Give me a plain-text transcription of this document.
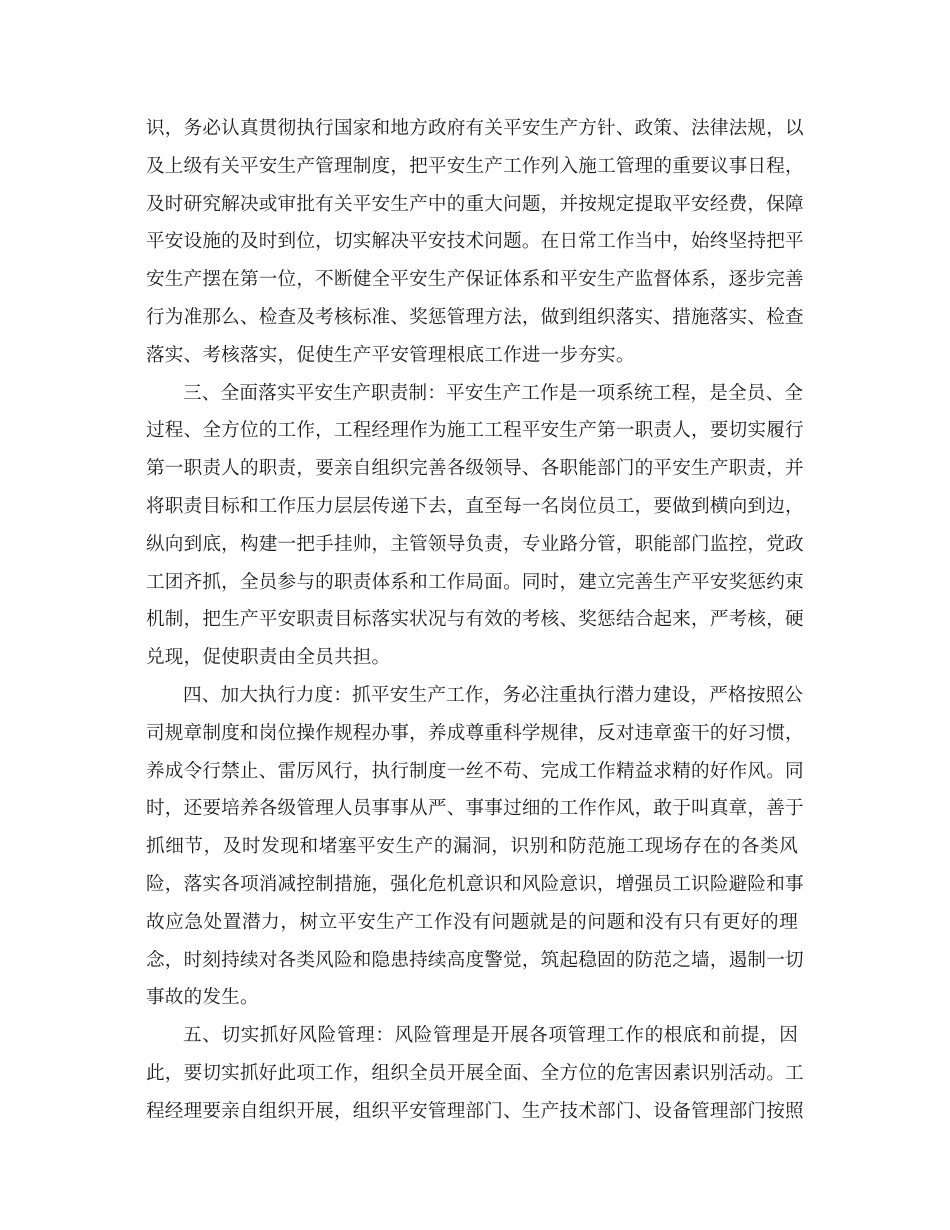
识，务必认真贯彻执行国家和地方政府有关平安生产方针、政策、法律法规，以
及上级有关平安生产管理制度，把平安生产工作列入施工管理的重要议事日程，
及时研究解决或审批有关平安生产中的重大问题，并按规定提取平安经费，保障
平安设施的及时到位，切实解决平安技术问题。在日常工作当中，始终坚持把平
安生产摆在第一位，不断健全平安生产保证体系和平安生产监督体系，逐步完善
行为准那么、检查及考核标准、奖惩管理方法，做到组织落实、措施落实、检查
落实、考核落实，促使生产平安管理根底工作进一步夯实。
三、全面落实平安生产职责制：平安生产工作是一项系统工程，是全员、全
过程、全方位的工作，工程经理作为施工工程平安生产第一职责人，要切实履行
第一职责人的职责，要亲自组织完善各级领导、各职能部门的平安生产职责，并
将职责目标和工作压力层层传递下去，直至每一名岗位员工，要做到横向到边，
纵向到底，构建一把手挂帅，主管领导负责，专业路分管，职能部门监控，党政
工团齐抓，全员参与的职责体系和工作局面。同时，建立完善生产平安奖惩约束
机制，把生产平安职责目标落实状况与有效的考核、奖惩结合起来，严考核，硬
兑现，促使职责由全员共担。
四、加大执行力度：抓平安生产工作，务必注重执行潜力建设，严格按照公
司规章制度和岗位操作规程办事，养成尊重科学规律，反对违章蛮干的好习惯，
养成令行禁止、雷厉风行，执行制度一丝不苟、完成工作精益求精的好作风。同
时，还要培养各级管理人员事事从严、事事过细的工作作风，敢于叫真章，善于
抓细节，及时发现和堵塞平安生产的漏洞，识别和防范施工现场存在的各类风
险，落实各项消减控制措施，强化危机意识和风险意识，增强员工识险避险和事
故应急处置潜力，树立平安生产工作没有问题就是的问题和没有只有更好的理
念，时刻持续对各类风险和隐患持续高度警觉，筑起稳固的防范之墙，遏制一切
事故的发生。
五、切实抓好风险管理：风险管理是开展各项管理工作的根底和前提，因
此，要切实抓好此项工作，组织全员开展全面、全方位的危害因素识别活动。工
程经理要亲自组织开展，组织平安管理部门、生产技术部门、设备管理部门按照
